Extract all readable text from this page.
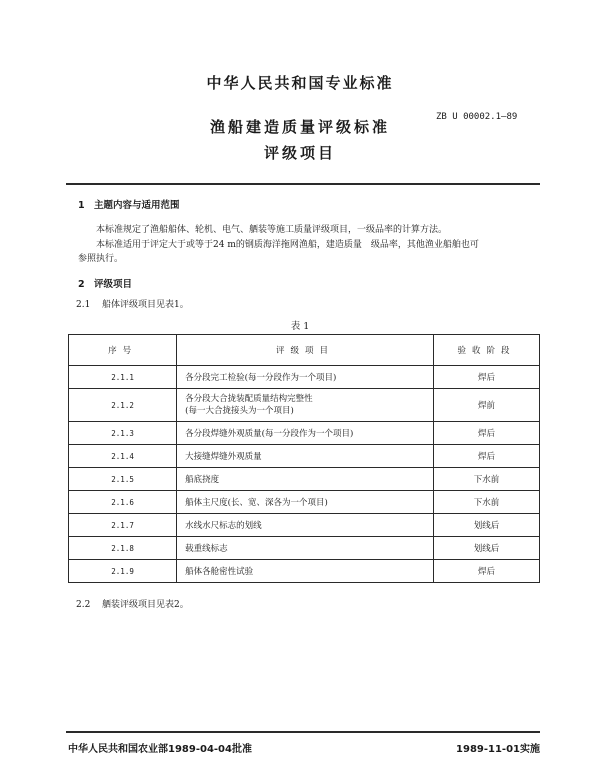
中华人民共和国专业标准
ZB U 00002.1—89
渔船建造质量评级标准
评级项目
1 主题内容与适用范围
本标准规定了渔船船体、轮机、电气、舾装等施工质量评级项目，一级品率的计算方法。
本标准适用于评定大于或等于24 m的钢质海洋拖网渔船，建造质量　级品率，其他渔业船舶也可
参照执行。
2 评级项目
2.1 船体评级项目见表1。
表 1
序号	评级项目	验收阶段
2.1.1	各分段完工检验(每一分段作为一个项目)	焊后
2.1.2	各分段大合拢装配质量结构完整性
(每一大合拢接头为一个项目)	焊前
2.1.3	各分段焊缝外观质量(每一分段作为一个项目)	焊后
2.1.4	大接缝焊缝外观质量	焊后
2.1.5	船底挠度	下水前
2.1.6	船体主尺度(长、宽、深各为一个项目)	下水前
2.1.7	水线水尺标志的划线	划线后
2.1.8	载重线标志	划线后
2.1.9	船体各舱密性试验	焊后
2.2 舾装评级项目见表2。
中华人民共和国农业部1989-04-04批准	1989-11-01实施
